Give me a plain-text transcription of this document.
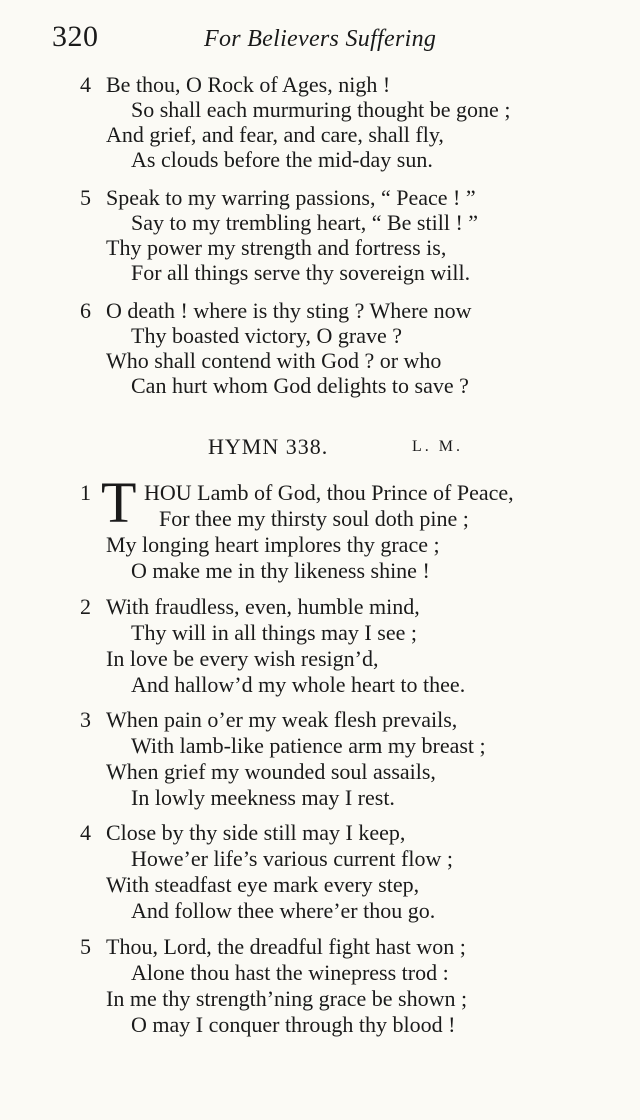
320	For Believers Suffering
4 Be thou, O Rock of Ages, nigh !
So shall each murmuring thought be gone ;
And grief, and fear, and care, shall fly,
As clouds before the mid-day sun.
5 Speak to my warring passions, “ Peace ! ”
Say to my trembling heart, “ Be still ! ”
Thy power my strength and fortress is,
For all things serve thy sovereign will.
6 O death ! where is thy sting ? Where now
Thy boasted victory, O grave ?
Who shall contend with God ? or who
Can hurt whom God delights to save ?
HYMN 338.	L. M.
T
1 HOU Lamb of God, thou Prince of Peace,
For thee my thirsty soul doth pine ;
My longing heart implores thy grace ;
O make me in thy likeness shine !
2 With fraudless, even, humble mind,
Thy will in all things may I see ;
In love be every wish resign’d,
And hallow’d my whole heart to thee.
3 When pain o’er my weak flesh prevails,
With lamb-like patience arm my breast ;
When grief my wounded soul assails,
In lowly meekness may I rest.
4 Close by thy side still may I keep,
Howe’er life’s various current flow ;
With steadfast eye mark every step,
And follow thee where’er thou go.
5 Thou, Lord, the dreadful fight hast won ;
Alone thou hast the winepress trod :
In me thy strength’ning grace be shown ;
O may I conquer through thy blood !
